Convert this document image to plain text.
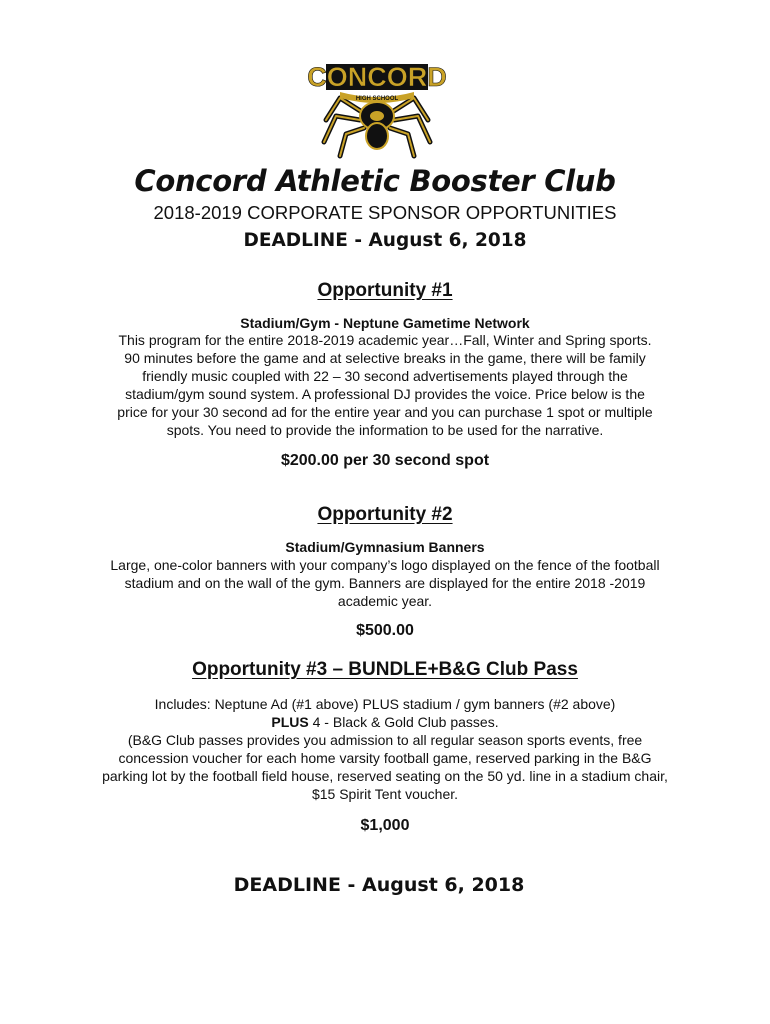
CONCORD
HIGH SCHOOL
Concord Athletic Booster Club
2018-2019 CORPORATE SPONSOR OPPORTUNITIES
DEADLINE - August 6, 2018
Opportunity #1
Stadium/Gym - Neptune Gametime Network
This program for the entire 2018-2019 academic year…Fall, Winter and Spring sports.
90 minutes before the game and at selective breaks in the game, there will be family
friendly music coupled with 22 – 30 second advertisements played through the
stadium/gym sound system. A professional DJ provides the voice. Price below is the
price for your 30 second ad for the entire year and you can purchase 1 spot or multiple
spots. You need to provide the information to be used for the narrative.
$200.00 per 30 second spot
Opportunity #2
Stadium/Gymnasium Banners
Large, one-color banners with your company’s logo displayed on the fence of the football
stadium and on the wall of the gym. Banners are displayed for the entire 2018 -2019
academic year.
$500.00
Opportunity #3 – BUNDLE+B&G Club Pass
Includes: Neptune Ad (#1 above) PLUS stadium / gym banners (#2 above)
PLUS 4 - Black & Gold Club passes.
(B&G Club passes provides you admission to all regular season sports events, free
concession voucher for each home varsity football game, reserved parking in the B&G
parking lot by the football field house, reserved seating on the 50 yd. line in a stadium chair,
$15 Spirit Tent voucher.
$1,000
DEADLINE - August 6, 2018
